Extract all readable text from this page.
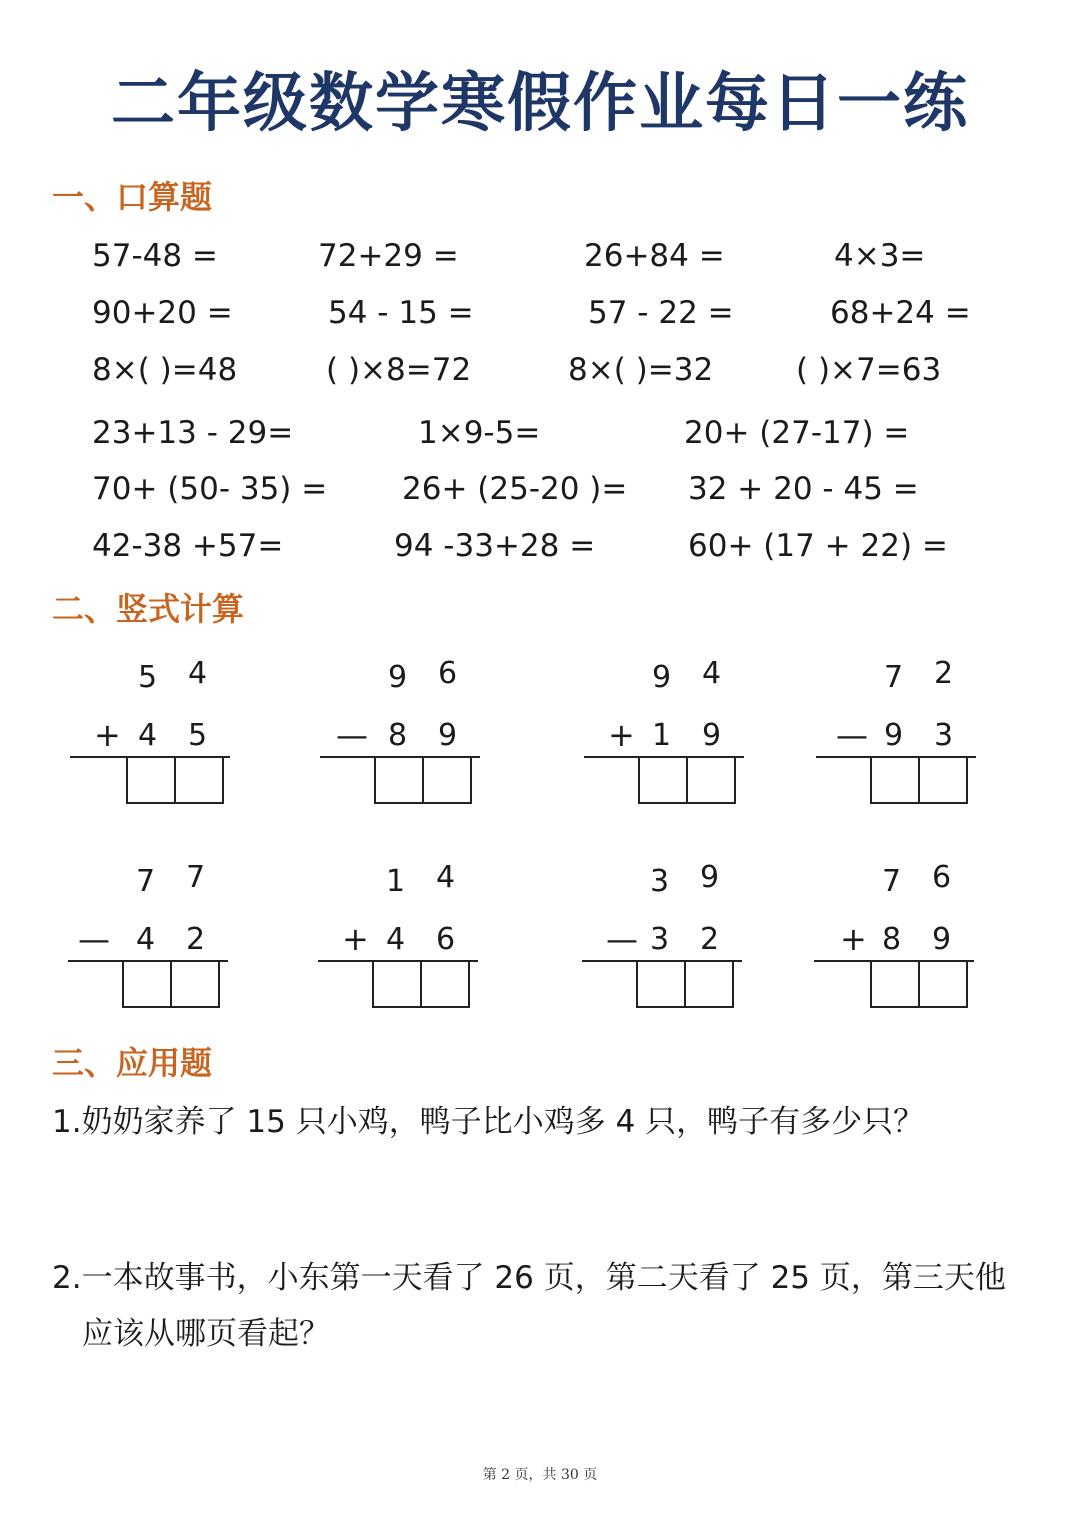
二年级数学寒假作业每日一练
一、口算题
57-48 =	72+29 =	26+84 =	4×3=
90+20 =	54 - 15 =	57 - 22 =	68+24 =
8×( )=48	( )×8=72	8×( )=32	( )×7=63
23+13 - 29=	1×9-5=	20+ (27-17) =
70+ (50- 35) = 26+ (25-20 )= 32 + 20 - 45 =
42-38 +57=	94 -33+28 =	60+ (17 + 22) =
二、竖式计算
5 4
+ 4 5
9 6
— 8 9
9 4
+ 1 9
7 2
— 9 3
7 7
— 4 2
1 4
+ 4 6
3 9
— 3 2
7 6
+ 8 9
三、应用题
1.奶奶家养了 15 只小鸡，鸭子比小鸡多 4 只，鸭子有多少只？
2.一本故事书，小东第一天看了 26 页，第二天看了 25 页，第三天他
应该从哪页看起？
第 2 页，共 30 页
